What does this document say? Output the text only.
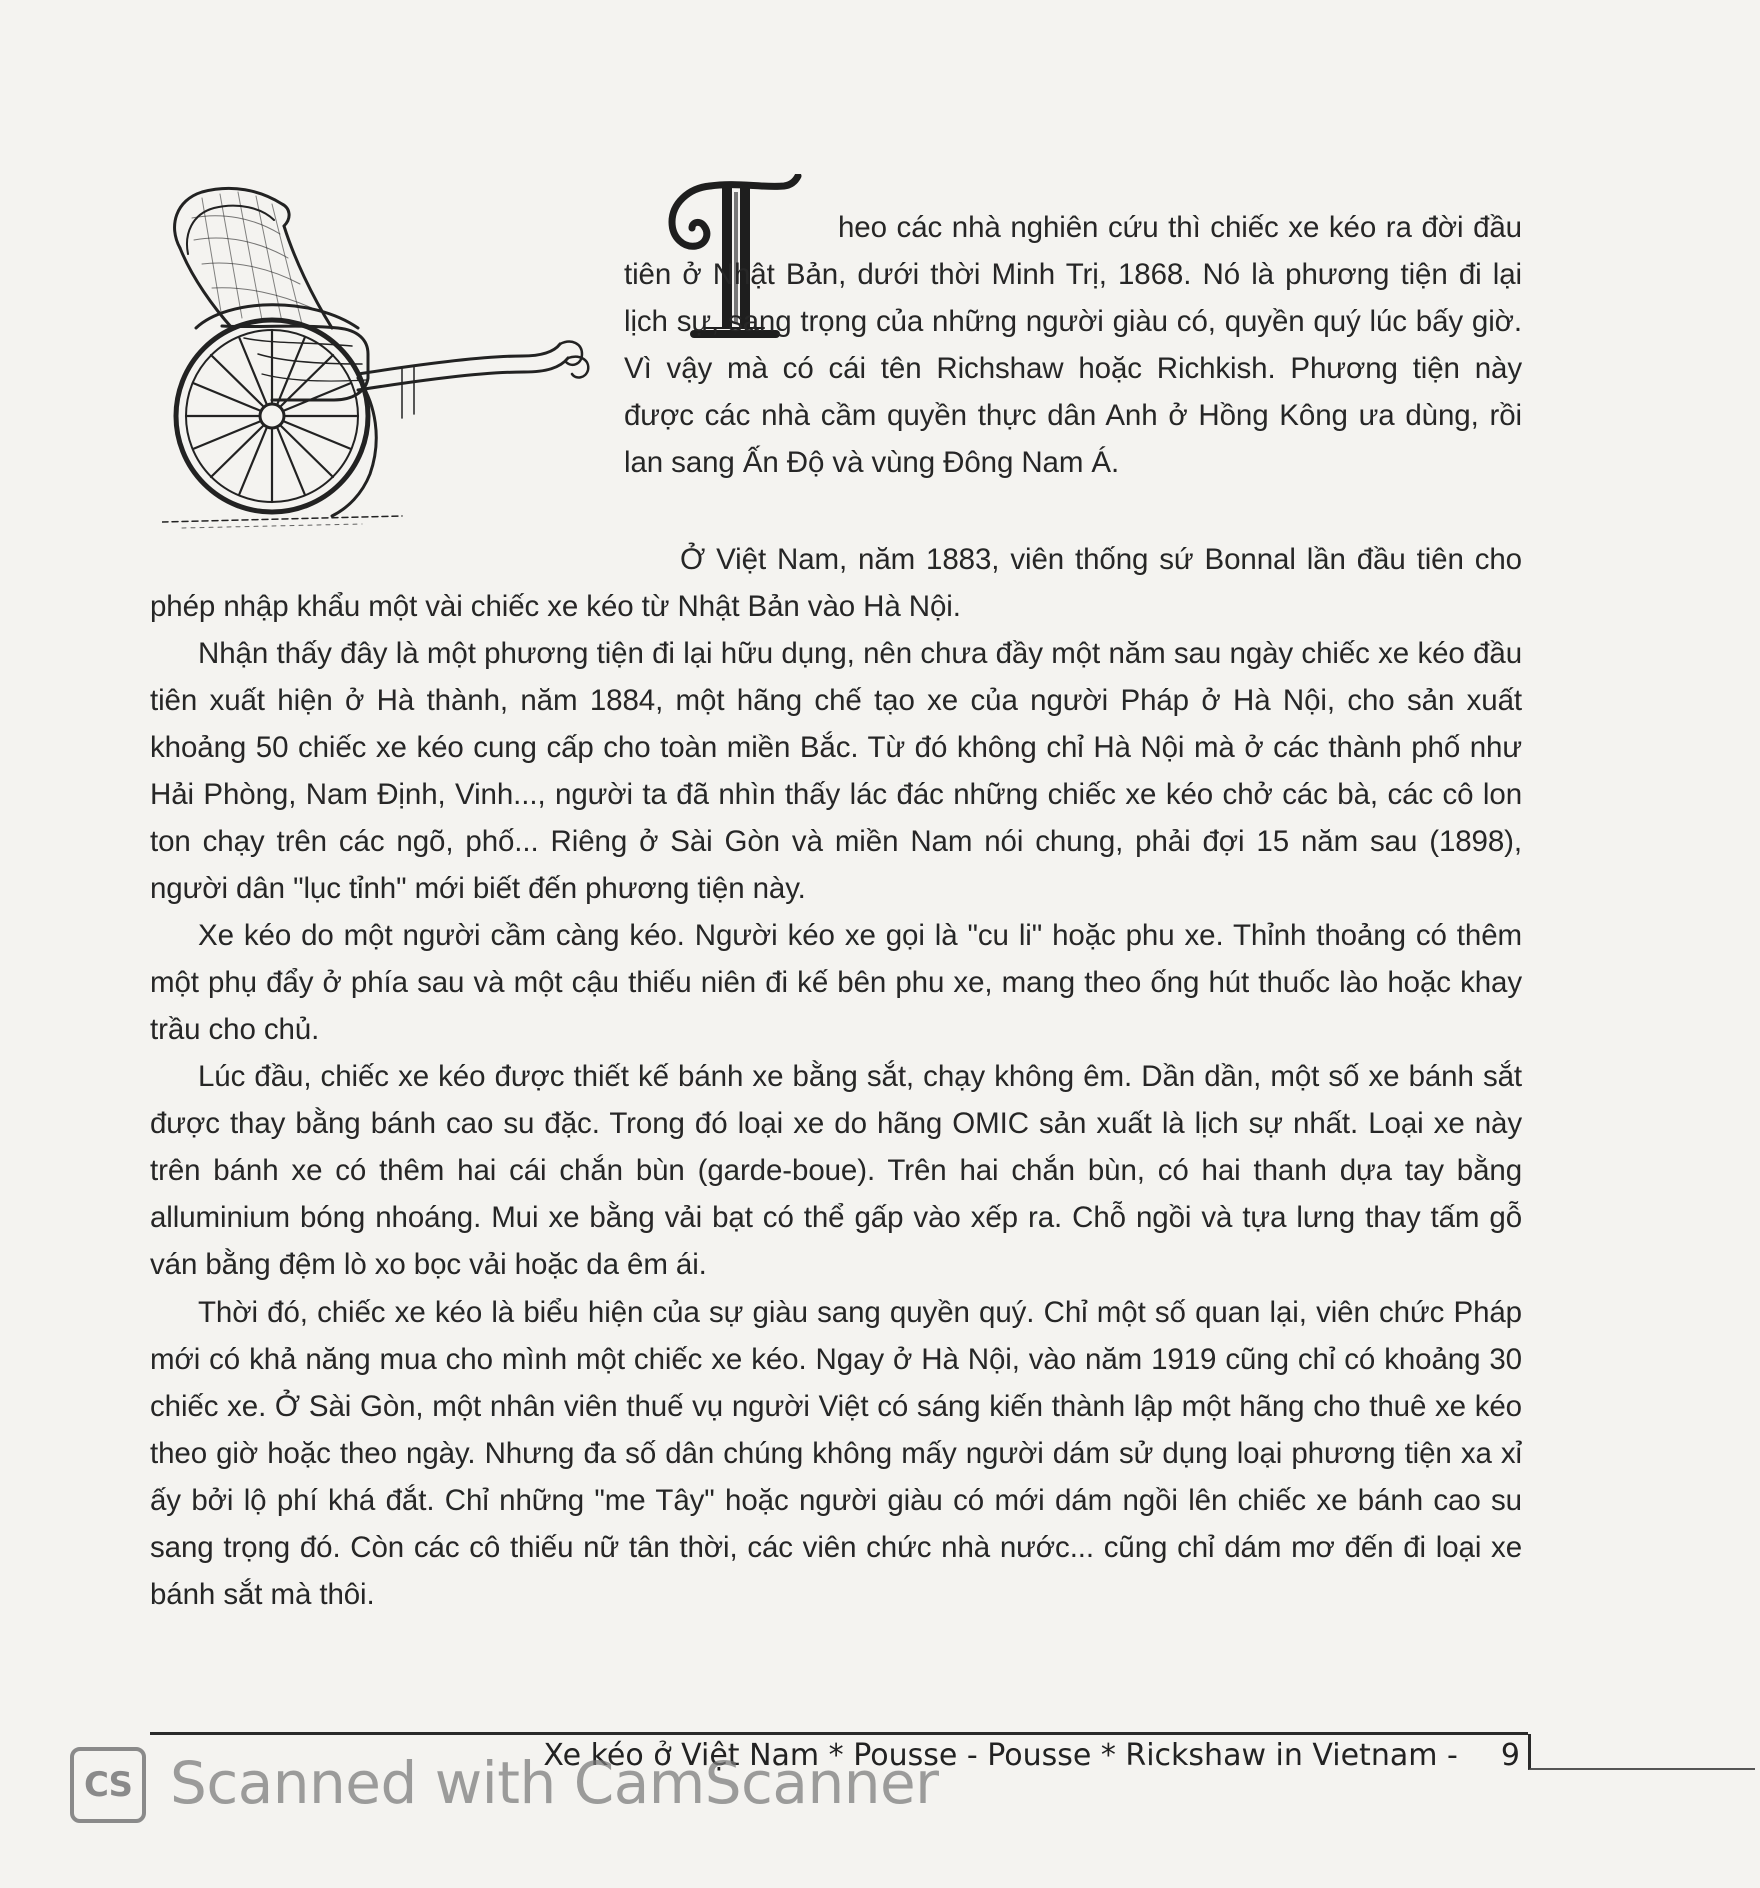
T

heo các nhà nghiên cứu thì chiếc xe kéo ra đời đầu tiên ở Nhật Bản, dưới thời Minh Trị, 1868. Nó là phương tiện đi lại lịch sự, sang trọng của những người giàu có, quyền quý lúc bấy giờ. Vì vậy mà có cái tên Richshaw hoặc Richkish. Phương tiện này được các nhà cầm quyền thực dân Anh ở Hồng Kông ưa dùng, rồi lan sang Ấn Độ và vùng Đông Nam Á.

Ở Việt Nam, năm 1883, viên thống sứ Bonnal lần đầu tiên cho phép nhập khẩu một vài chiếc xe kéo từ Nhật Bản vào Hà Nội.

Nhận thấy đây là một phương tiện đi lại hữu dụng, nên chưa đầy một năm sau ngày chiếc xe kéo đầu tiên xuất hiện ở Hà thành, năm 1884, một hãng chế tạo xe của người Pháp ở Hà Nội, cho sản xuất khoảng 50 chiếc xe kéo cung cấp cho toàn miền Bắc. Từ đó không chỉ Hà Nội mà ở các thành phố như Hải Phòng, Nam Định, Vinh..., người ta đã nhìn thấy lác đác những chiếc xe kéo chở các bà, các cô lon ton chạy trên các ngõ, phố... Riêng ở Sài Gòn và miền Nam nói chung, phải đợi 15 năm sau (1898), người dân "lục tỉnh" mới biết đến phương tiện này.

Xe kéo do một người cầm càng kéo. Người kéo xe gọi là "cu li" hoặc phu xe. Thỉnh thoảng có thêm một phụ đẩy ở phía sau và một cậu thiếu niên đi kế bên phu xe, mang theo ống hút thuốc lào hoặc khay trầu cho chủ.

Lúc đầu, chiếc xe kéo được thiết kế bánh xe bằng sắt, chạy không êm. Dần dần, một số xe bánh sắt được thay bằng bánh cao su đặc. Trong đó loại xe do hãng OMIC sản xuất là lịch sự nhất. Loại xe này trên bánh xe có thêm hai cái chắn bùn (garde-boue). Trên hai chắn bùn, có hai thanh dựa tay bằng alluminium bóng nhoáng. Mui xe bằng vải bạt có thể gấp vào xếp ra. Chỗ ngồi và tựa lưng thay tấm gỗ ván bằng đệm lò xo bọc vải hoặc da êm ái.

Thời đó, chiếc xe kéo là biểu hiện của sự giàu sang quyền quý. Chỉ một số quan lại, viên chức Pháp mới có khả năng mua cho mình một chiếc xe kéo. Ngay ở Hà Nội, vào năm 1919 cũng chỉ có khoảng 30 chiếc xe. Ở Sài Gòn, một nhân viên thuế vụ người Việt có sáng kiến thành lập một hãng cho thuê xe kéo theo giờ hoặc theo ngày. Nhưng đa số dân chúng không mấy người dám sử dụng loại phương tiện xa xỉ ấy bởi lộ phí khá đắt. Chỉ những "me Tây" hoặc người giàu có mới dám ngồi lên chiếc xe bánh cao su sang trọng đó. Còn các cô thiếu nữ tân thời, các viên chức nhà nước... cũng chỉ dám mơ đến đi loại xe bánh sắt mà thôi.

Xe kéo ở Việt Nam * Pousse - Pousse * Rickshaw in Vietnam - 9
CS Scanned with CamScanner
